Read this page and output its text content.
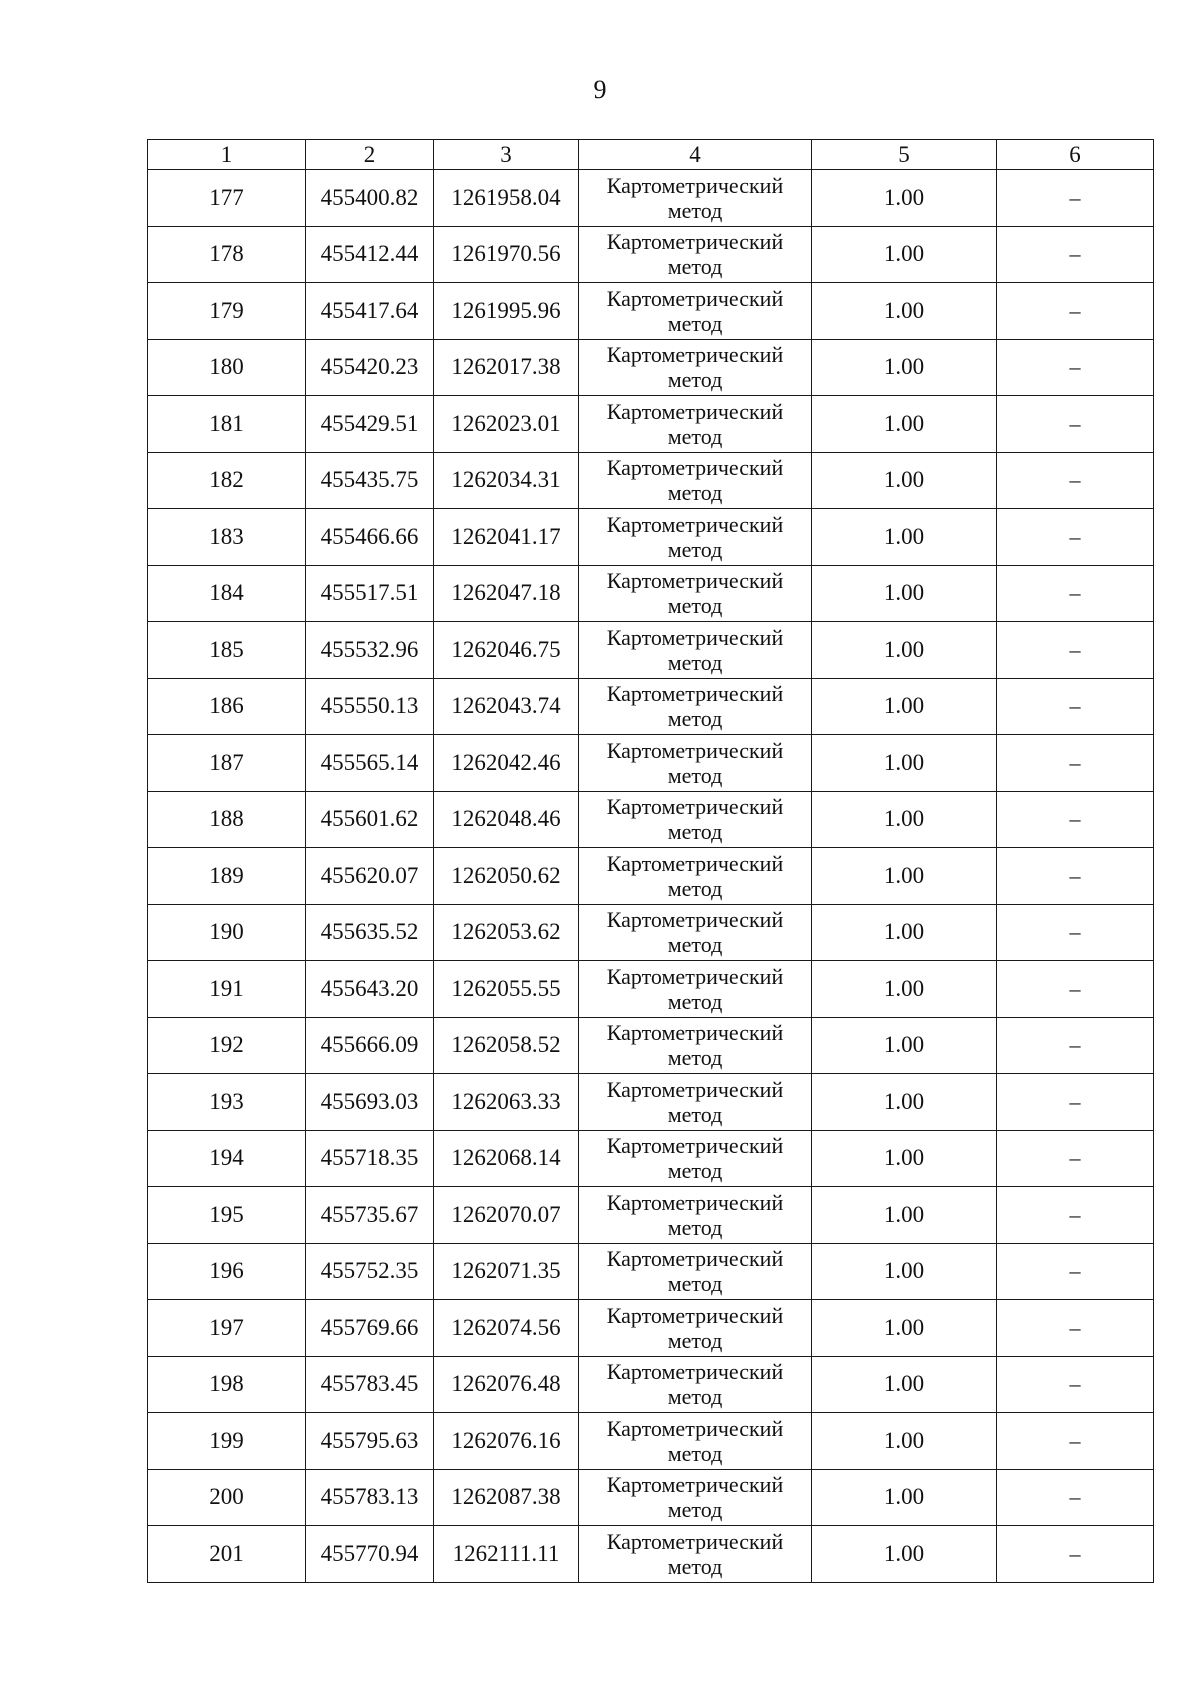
9
1	2	3	4	5	6
177	455400.82	1261958.04	Картометрический метод	1.00	–
178	455412.44	1261970.56	Картометрический метод	1.00	–
179	455417.64	1261995.96	Картометрический метод	1.00	–
180	455420.23	1262017.38	Картометрический метод	1.00	–
181	455429.51	1262023.01	Картометрический метод	1.00	–
182	455435.75	1262034.31	Картометрический метод	1.00	–
183	455466.66	1262041.17	Картометрический метод	1.00	–
184	455517.51	1262047.18	Картометрический метод	1.00	–
185	455532.96	1262046.75	Картометрический метод	1.00	–
186	455550.13	1262043.74	Картометрический метод	1.00	–
187	455565.14	1262042.46	Картометрический метод	1.00	–
188	455601.62	1262048.46	Картометрический метод	1.00	–
189	455620.07	1262050.62	Картометрический метод	1.00	–
190	455635.52	1262053.62	Картометрический метод	1.00	–
191	455643.20	1262055.55	Картометрический метод	1.00	–
192	455666.09	1262058.52	Картометрический метод	1.00	–
193	455693.03	1262063.33	Картометрический метод	1.00	–
194	455718.35	1262068.14	Картометрический метод	1.00	–
195	455735.67	1262070.07	Картометрический метод	1.00	–
196	455752.35	1262071.35	Картометрический метод	1.00	–
197	455769.66	1262074.56	Картометрический метод	1.00	–
198	455783.45	1262076.48	Картометрический метод	1.00	–
199	455795.63	1262076.16	Картометрический метод	1.00	–
200	455783.13	1262087.38	Картометрический метод	1.00	–
201	455770.94	1262111.11	Картометрический метод	1.00	–
